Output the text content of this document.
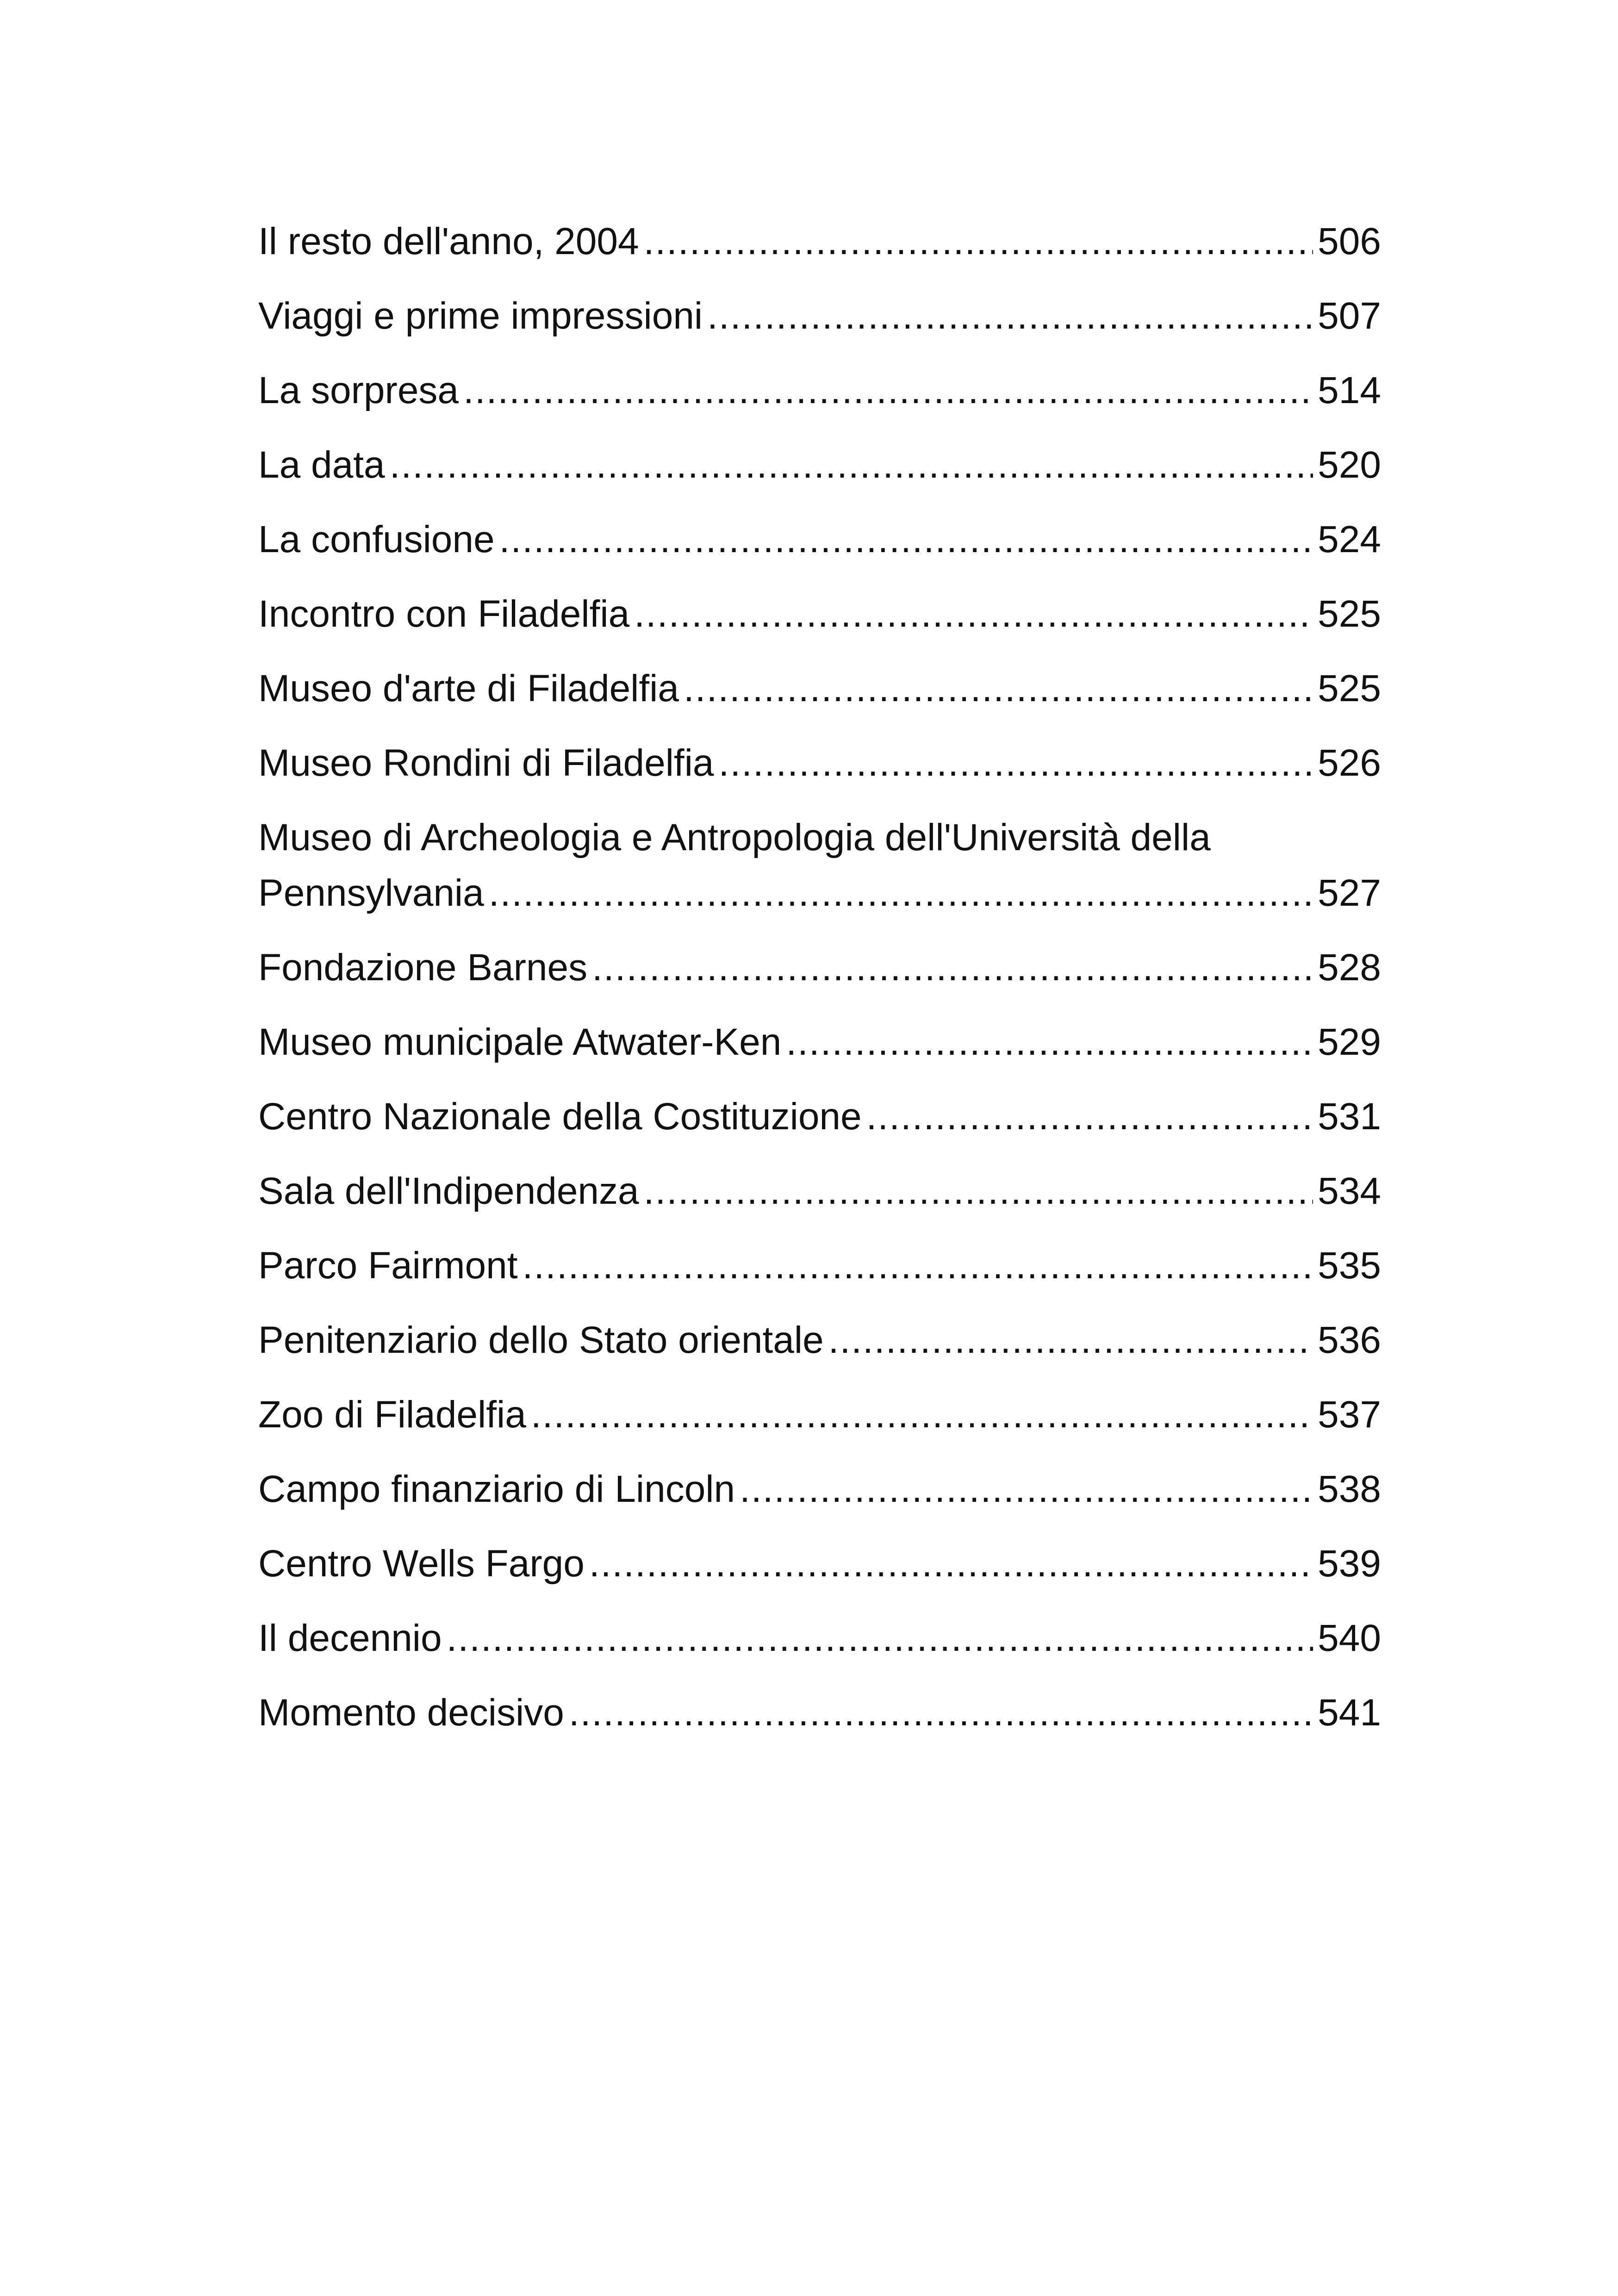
Il resto dell'anno, 2004 .....	506
Viaggi e prime impressioni .....	507
La sorpresa .....	514
La data .....	520
La confusione .....	524
Incontro con Filadelfia .....	525
Museo d'arte di Filadelfia .....	525
Museo Rondini di Filadelfia .....	526
Museo di Archeologia e Antropologia dell'Università della
Pennsylvania .....	527
Fondazione Barnes .....	528
Museo municipale Atwater-Ken .....	529
Centro Nazionale della Costituzione .....	531
Sala dell'Indipendenza .....	534
Parco Fairmont .....	535
Penitenziario dello Stato orientale .....	536
Zoo di Filadelfia .....	537
Campo finanziario di Lincoln .....	538
Centro Wells Fargo .....	539
Il decennio .....	540
Momento decisivo .....	541
